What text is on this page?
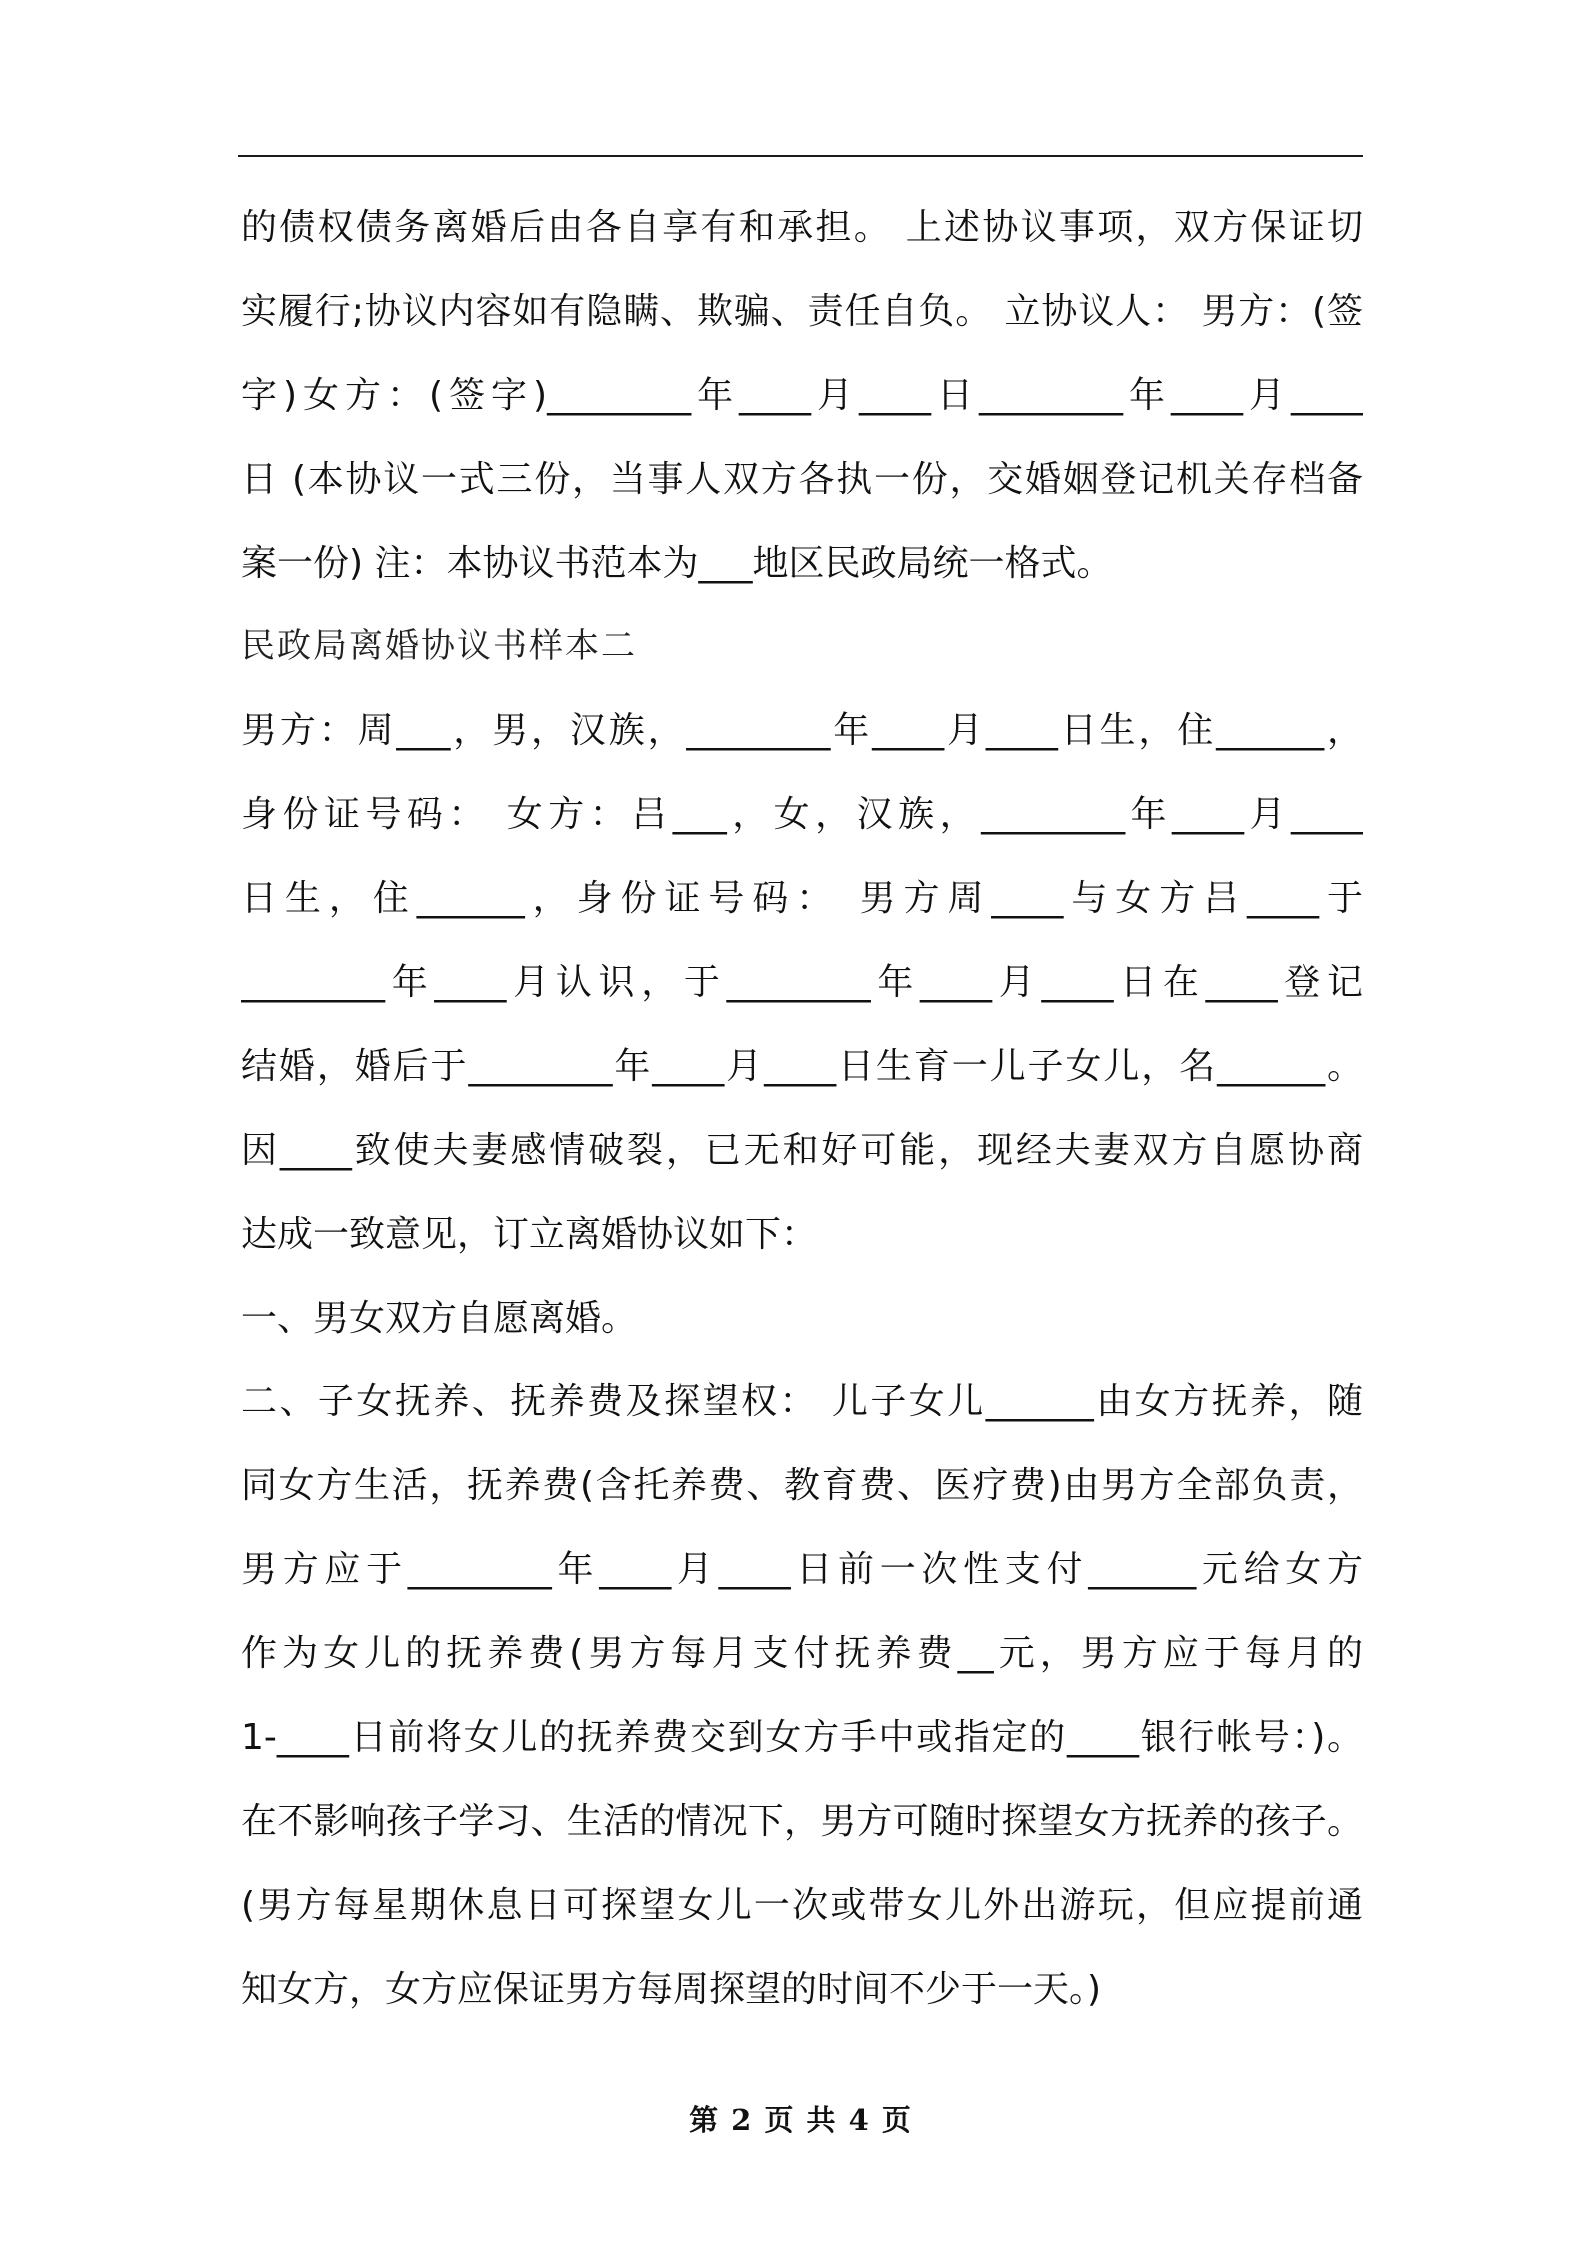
的债权债务离婚后由各自享有和承担。 上述协议事项，双方保证切
实履行;协议内容如有隐瞒、欺骗、责任自负。 立协议人： 男方：(签
字)女方：(签字)________年____月____日________年____月____
日 (本协议一式三份，当事人双方各执一份，交婚姻登记机关存档备
案一份) 注：本协议书范本为___地区民政局统一格式。
民政局离婚协议书样本二
男方：周___，男，汉族，________年____月____日生，住______，
身份证号码： 女方：吕___，女，汉族，________年____月____
日生，住______，身份证号码： 男方周____与女方吕____于
________年____月认识，于________年____月____日在____登记
结婚，婚后于________年____月____日生育一儿子女儿，名______。
因____致使夫妻感情破裂，已无和好可能，现经夫妻双方自愿协商
达成一致意见，订立离婚协议如下：
一、男女双方自愿离婚。
二、子女抚养、抚养费及探望权： 儿子女儿______由女方抚养，随
同女方生活，抚养费(含托养费、教育费、医疗费)由男方全部负责，
男方应于________年____月____日前一次性支付______元给女方
作为女儿的抚养费(男方每月支付抚养费__元，男方应于每月的
1-____日前将女儿的抚养费交到女方手中或指定的____银行帐号：)。
在不影响孩子学习、生活的情况下，男方可随时探望女方抚养的孩子。
(男方每星期休息日可探望女儿一次或带女儿外出游玩，但应提前通
知女方，女方应保证男方每周探望的时间不少于一天。)
第 2 页 共 4 页
